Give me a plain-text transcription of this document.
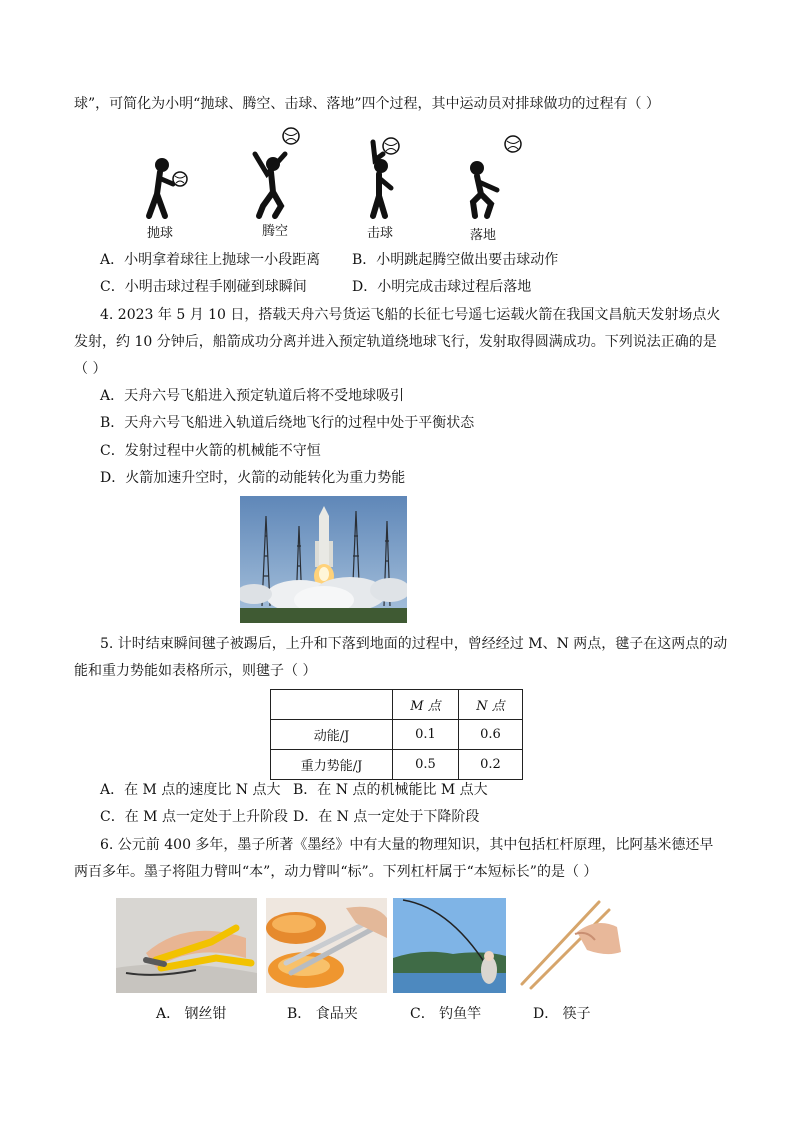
球”，可简化为小明“抛球、腾空、击球、落地”四个过程，其中运动员对排球做功的过程有（ ）
抛球	腾空	击球	落地
A．小明拿着球往上抛球一小段距离 B．小明跳起腾空做出要击球动作
C．小明击球过程手刚碰到球瞬间	D．小明完成击球过程后落地
4. 2023 年 5 月 10 日，搭载天舟六号货运飞船的长征七号遥七运载火箭在我国文昌航天发射场点火
发射，约 10 分钟后，船箭成功分离并进入预定轨道绕地球飞行，发射取得圆满成功。下列说法正确的是
（ ）
A．天舟六号飞船进入预定轨道后将不受地球吸引
B．天舟六号飞船进入轨道后绕地飞行的过程中处于平衡状态
C．发射过程中火箭的机械能不守恒
D．火箭加速升空时，火箭的动能转化为重力势能
5. 计时结束瞬间毽子被踢后，上升和下落到地面的过程中，曾经经过 M、N 两点，毽子在这两点的动
能和重力势能如表格所示，则毽子（ ）
	M 点	N 点
动能/J	0.1	0.6
重力势能/J	0.5	0.2
A．在 M 点的速度比 N 点大 B．在 N 点的机械能比 M 点大
C．在 M 点一定处于上升阶段 D．在 N 点一定处于下降阶段
6. 公元前 400 多年，墨子所著《墨经》中有大量的物理知识，其中包括杠杆原理，比阿基米德还早
两百多年。墨子将阻力臂叫“本”，动力臂叫“标”。下列杠杆属于“本短标长”的是（ ）
A． 钢丝钳	B． 食品夹	C． 钓鱼竿	D． 筷子
